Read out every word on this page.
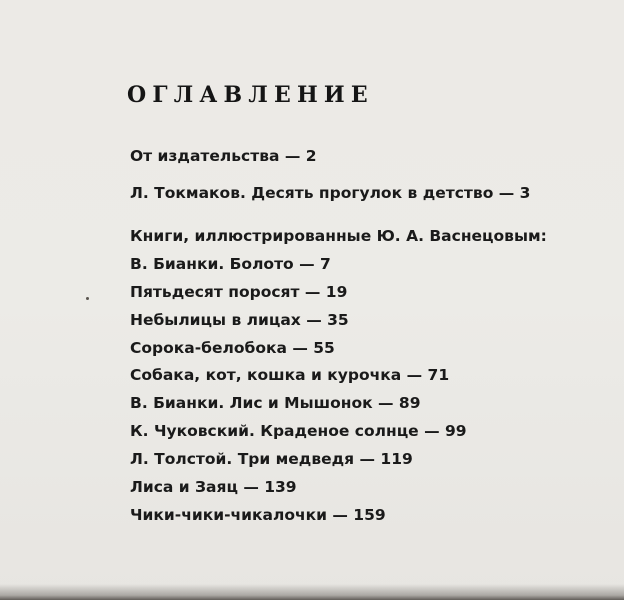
ОГЛАВЛЕНИЕ

От издательства — 2

Л. Токмаков. Десять прогулок в детство — 3

Книги, иллюстрированные Ю. А. Васнецовым:

В. Бианки. Болото — 7

Пятьдесят поросят — 19

Небылицы в лицах — 35

Сорока-белобока — 55

Собака, кот, кошка и курочка — 71

В. Бианки. Лис и Мышонок — 89

К. Чуковский. Краденое солнце — 99

Л. Толстой. Три медведя — 119

Лиса и Заяц — 139

Чики-чики-чикалочки — 159
